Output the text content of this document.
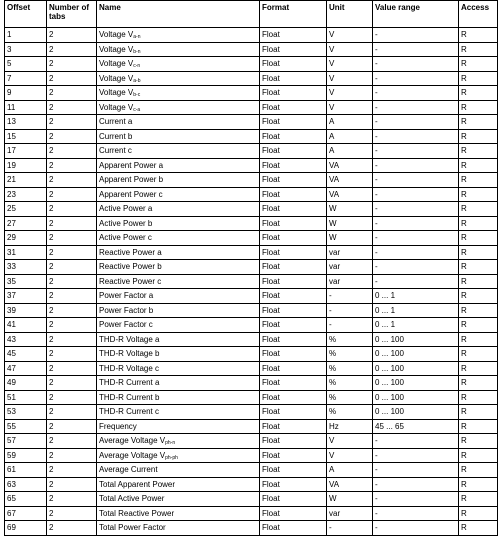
Offset	Number of tabs	Name	Format	Unit	Value range	Access
1	2	Voltage $V_{a-n}$	Float	V	-	R
3	2	Voltage $V_{b-n}$	Float	V	-	R
5	2	Voltage $V_{c-n}$	Float	V	-	R
7	2	Voltage $V_{a-b}$	Float	V	-	R
9	2	Voltage $V_{b-c}$	Float	V	-	R
11	2	Voltage $V_{c-a}$	Float	V	-	R
13	2	Current a	Float	A	-	R
15	2	Current b	Float	A	-	R
17	2	Current c	Float	A	-	R
19	2	Apparent Power a	Float	VA	-	R
21	2	Apparent Power b	Float	VA	-	R
23	2	Apparent Power c	Float	VA	-	R
25	2	Active Power a	Float	W	-	R
27	2	Active Power b	Float	W	-	R
29	2	Active Power c	Float	W	-	R
31	2	Reactive Power a	Float	var	-	R
33	2	Reactive Power b	Float	var	-	R
35	2	Reactive Power c	Float	var	-	R
37	2	Power Factor a	Float	-	0 ... 1	R
39	2	Power Factor b	Float	-	0 ... 1	R
41	2	Power Factor c	Float	-	0 ... 1	R
43	2	THD-R Voltage a	Float	%	0 ... 100	R
45	2	THD-R Voltage b	Float	%	0 ... 100	R
47	2	THD-R Voltage c	Float	%	0 ... 100	R
49	2	THD-R Current a	Float	%	0 ... 100	R
51	2	THD-R Current b	Float	%	0 ... 100	R
53	2	THD-R Current c	Float	%	0 ... 100	R
55	2	Frequency	Float	Hz	45 ... 65	R
57	2	Average Voltage $V_{ph-n}$	Float	V	-	R
59	2	Average Voltage $V_{ph-ph}$	Float	V	-	R
61	2	Average Current	Float	A	-	R
63	2	Total Apparent Power	Float	VA	-	R
65	2	Total Active Power	Float	W	-	R
67	2	Total Reactive Power	Float	var	-	R
69	2	Total Power Factor	Float	-	-	R
